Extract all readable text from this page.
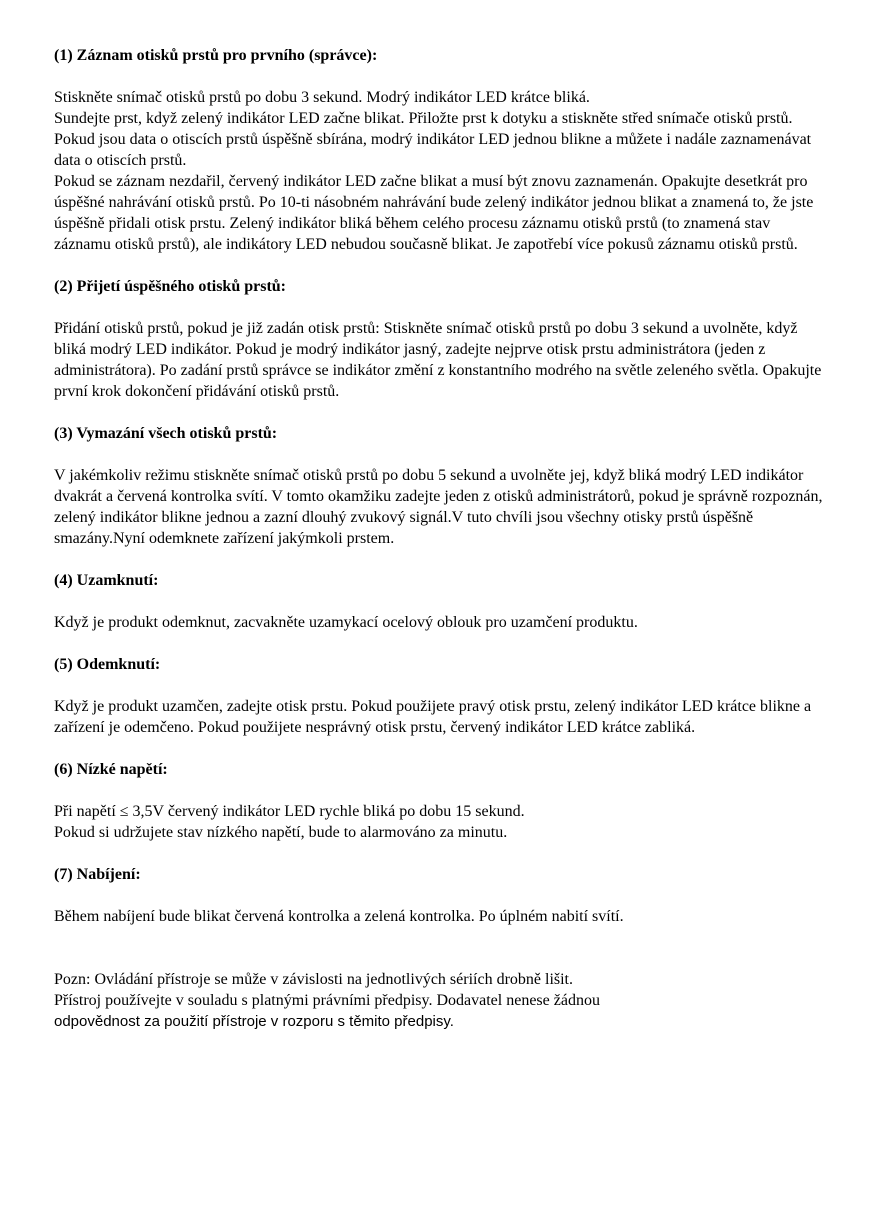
(1) Záznam otisků prstů pro prvního (správce):

Stiskněte snímač otisků prstů po dobu 3 sekund. Modrý indikátor LED krátce bliká.

Sundejte prst, když zelený indikátor LED začne blikat. Přiložte prst k dotyku a stiskněte střed snímače otisků prstů. Pokud jsou data o otiscích prstů úspěšně sbírána, modrý indikátor LED jednou blikne a můžete i nadále zaznamenávat data o otiscích prstů.

Pokud se záznam nezdařil, červený indikátor LED začne blikat a musí být znovu zaznamenán. Opakujte desetkrát pro úspěšné nahrávání otisků prstů. Po 10-ti násobném nahrávání bude zelený indikátor jednou blikat a znamená to, že jste úspěšně přidali otisk prstu. Zelený indikátor bliká během celého procesu záznamu otisků prstů (to znamená stav záznamu otisků prstů), ale indikátory LED nebudou současně blikat. Je zapotřebí více pokusů záznamu otisků prstů.

(2) Přijetí úspěšného otisků prstů:

Přidání otisků prstů, pokud je již zadán otisk prstů: Stiskněte snímač otisků prstů po dobu 3 sekund a uvolněte, když bliká modrý LED indikátor. Pokud je modrý indikátor jasný, zadejte nejprve otisk prstu administrátora (jeden z administrátora). Po zadání prstů správce se indikátor změní z konstantního modrého na světle zeleného světla. Opakujte první krok dokončení přidávání otisků prstů.

(3) Vymazání všech otisků prstů:

V jakémkoliv režimu stiskněte snímač otisků prstů po dobu 5 sekund a uvolněte jej, když bliká modrý LED indikátor dvakrát a červená kontrolka svítí. V tomto okamžiku zadejte jeden z otisků administrátorů, pokud je správně rozpoznán, zelený indikátor blikne jednou a zazní dlouhý zvukový signál.V tuto chvíli jsou všechny otisky prstů úspěšně smazány.Nyní odemknete zařízení jakýmkoli prstem.

(4) Uzamknutí:

Když je produkt odemknut, zacvakněte uzamykací ocelový oblouk pro uzamčení produktu.

(5) Odemknutí:

Když je produkt uzamčen, zadejte otisk prstu. Pokud použijete pravý otisk prstu, zelený indikátor LED krátce blikne a zařízení je odemčeno. Pokud použijete nesprávný otisk prstu, červený indikátor LED krátce zabliká.

(6) Nízké napětí:

Při napětí ≤ 3,5V červený indikátor LED rychle bliká po dobu 15 sekund.

Pokud si udržujete stav nízkého napětí, bude to alarmováno za minutu.

(7) Nabíjení:

Během nabíjení bude blikat červená kontrolka a zelená kontrolka. Po úplném nabití svítí.

Pozn: Ovládání přístroje se může v závislosti na jednotlivých sériích drobně lišit.

Přístroj používejte v souladu s platnými právními předpisy. Dodavatel nenese žádnou

odpovědnost za použití přístroje v rozporu s těmito předpisy.
